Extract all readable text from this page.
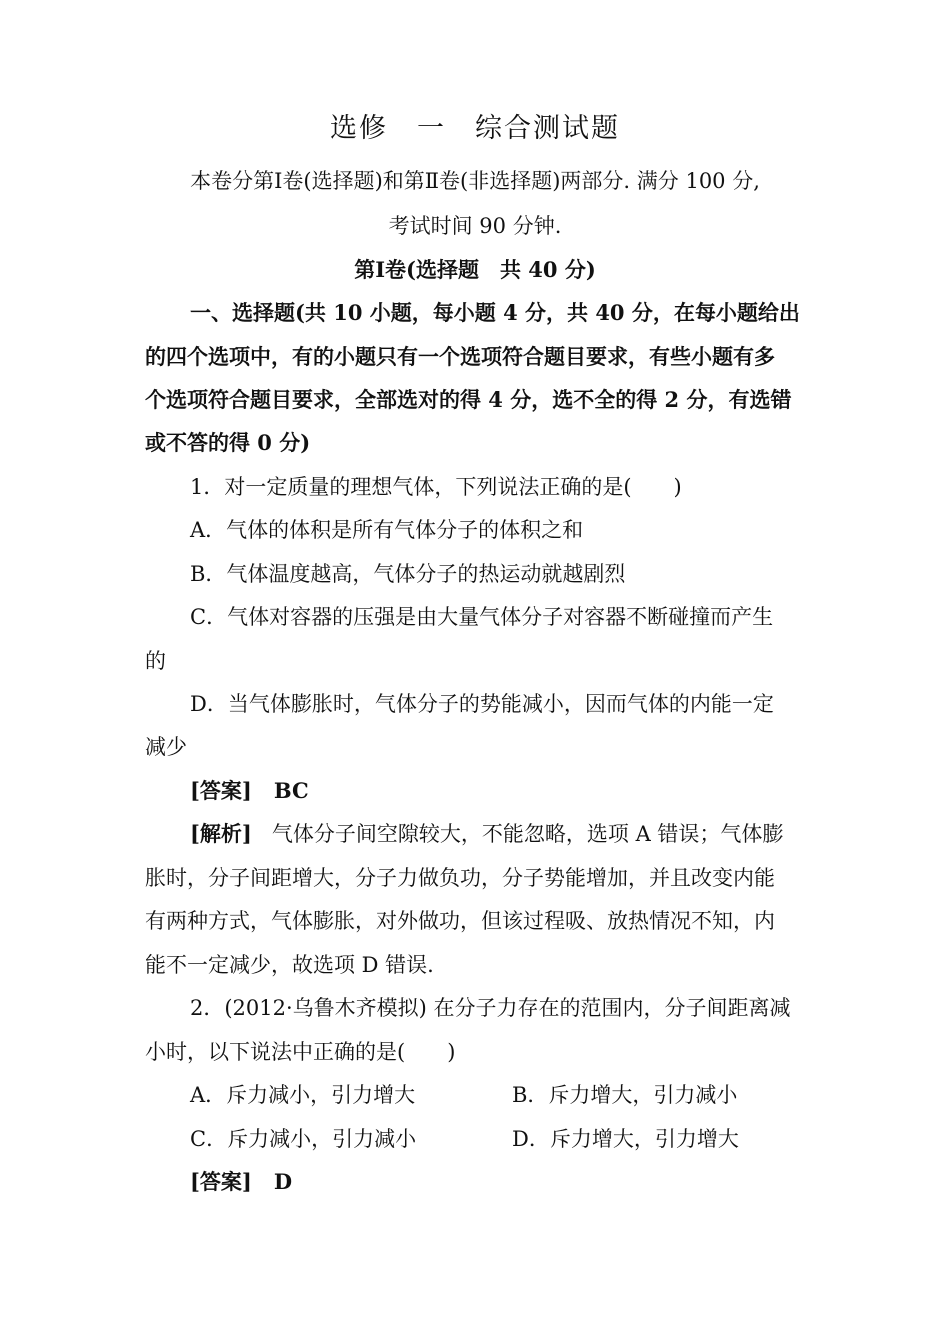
选修　一　综合测试题
本卷分第Ⅰ卷(选择题)和第Ⅱ卷(非选择题)两部分. 满分 100 分,
考试时间 90 分钟.
第Ⅰ卷(选择题　共 40 分)
一、选择题(共 10 小题，每小题 4 分，共 40 分，在每小题给出
的四个选项中，有的小题只有一个选项符合题目要求，有些小题有多
个选项符合题目要求，全部选对的得 4 分，选不全的得 2 分，有选错
或不答的得 0 分)
1．对一定质量的理想气体，下列说法正确的是(　　)
A．气体的体积是所有气体分子的体积之和
B．气体温度越高，气体分子的热运动就越剧烈
C．气体对容器的压强是由大量气体分子对容器不断碰撞而产生
的
D．当气体膨胀时，气体分子的势能减小，因而气体的内能一定
减少
[答案] BC
[解析] 气体分子间空隙较大，不能忽略，选项 A 错误；气体膨
胀时，分子间距增大，分子力做负功，分子势能增加，并且改变内能
有两种方式，气体膨胀，对外做功，但该过程吸、放热情况不知，内
能不一定减少，故选项 D 错误.
2．(2012·乌鲁木齐模拟) 在分子力存在的范围内，分子间距离减
小时，以下说法中正确的是(　　)
A．斥力减小，引力增大	B．斥力增大，引力减小
C．斥力减小，引力减小	D．斥力增大，引力增大
[答案] D
